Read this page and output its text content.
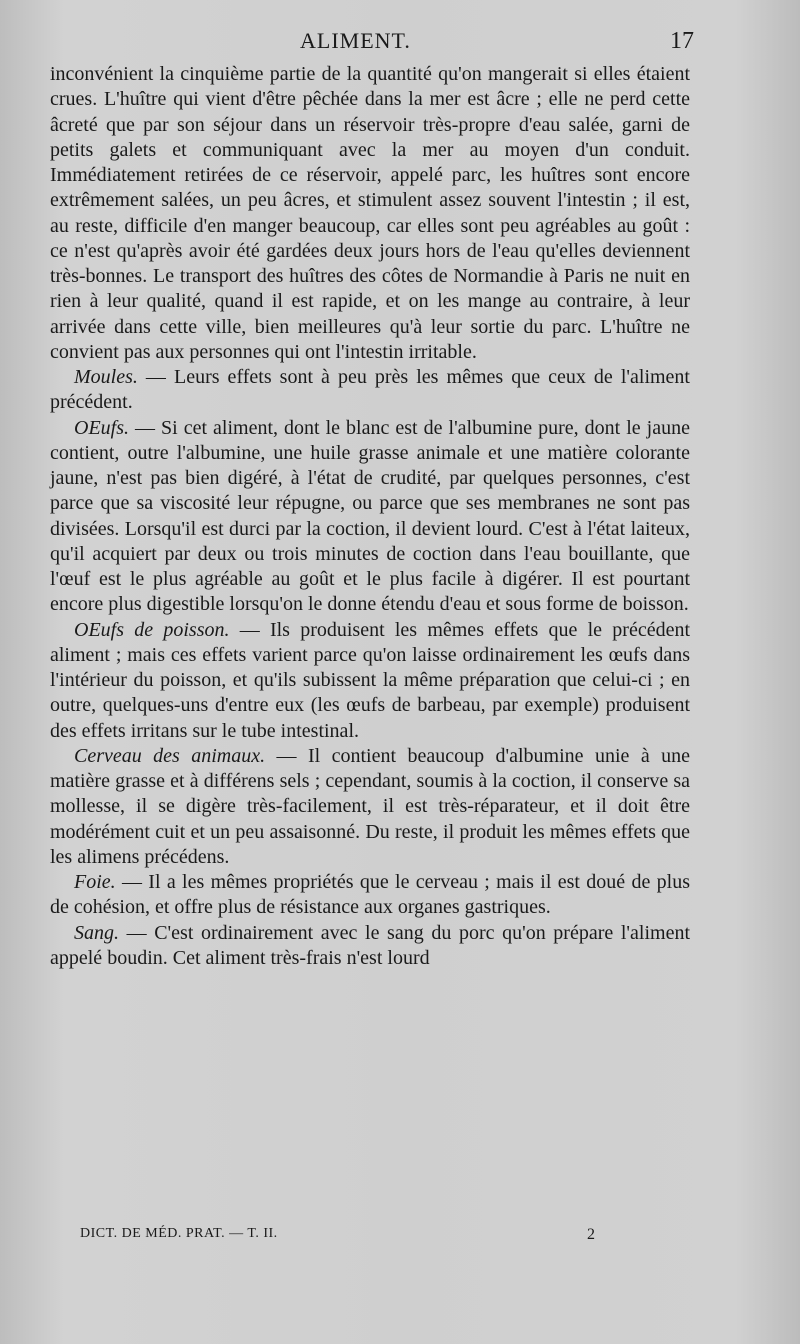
ALIMENT.	17

inconvénient la cinquième partie de la quantité qu'on mangerait si elles étaient crues. L'huître qui vient d'être pêchée dans la mer est âcre ; elle ne perd cette âcreté que par son séjour dans un réservoir très-propre d'eau salée, garni de petits galets et communiquant avec la mer au moyen d'un conduit. Immédiatement retirées de ce réservoir, appelé parc, les huîtres sont encore extrêmement salées, un peu âcres, et stimulent assez souvent l'intestin ; il est, au reste, difficile d'en manger beaucoup, car elles sont peu agréables au goût : ce n'est qu'après avoir été gardées deux jours hors de l'eau qu'elles deviennent très-bonnes. Le transport des huîtres des côtes de Normandie à Paris ne nuit en rien à leur qualité, quand il est rapide, et on les mange au contraire, à leur arrivée dans cette ville, bien meilleures qu'à leur sortie du parc. L'huître ne convient pas aux personnes qui ont l'intestin irritable.

Moules. — Leurs effets sont à peu près les mêmes que ceux de l'aliment précédent.

OEufs. — Si cet aliment, dont le blanc est de l'albumine pure, dont le jaune contient, outre l'albumine, une huile grasse animale et une matière colorante jaune, n'est pas bien digéré, à l'état de crudité, par quelques personnes, c'est parce que sa viscosité leur répugne, ou parce que ses membranes ne sont pas divisées. Lorsqu'il est durci par la coction, il devient lourd. C'est à l'état laiteux, qu'il acquiert par deux ou trois minutes de coction dans l'eau bouillante, que l'œuf est le plus agréable au goût et le plus facile à digérer. Il est pourtant encore plus digestible lorsqu'on le donne étendu d'eau et sous forme de boisson.

OEufs de poisson. — Ils produisent les mêmes effets que le précédent aliment ; mais ces effets varient parce qu'on laisse ordinairement les œufs dans l'intérieur du poisson, et qu'ils subissent la même préparation que celui-ci ; en outre, quelques-uns d'entre eux (les œufs de barbeau, par exemple) produisent des effets irritans sur le tube intestinal.

Cerveau des animaux. — Il contient beaucoup d'albumine unie à une matière grasse et à différens sels ; cependant, soumis à la coction, il conserve sa mollesse, il se digère très-facilement, il est très-réparateur, et il doit être modérément cuit et un peu assaisonné. Du reste, il produit les mêmes effets que les alimens précédens.

Foie. — Il a les mêmes propriétés que le cerveau ; mais il est doué de plus de cohésion, et offre plus de résistance aux organes gastriques.

Sang. — C'est ordinairement avec le sang du porc qu'on prépare l'aliment appelé boudin. Cet aliment très-frais n'est lourd

DICT. DE MÉD. PRAT. — T. II.	2
